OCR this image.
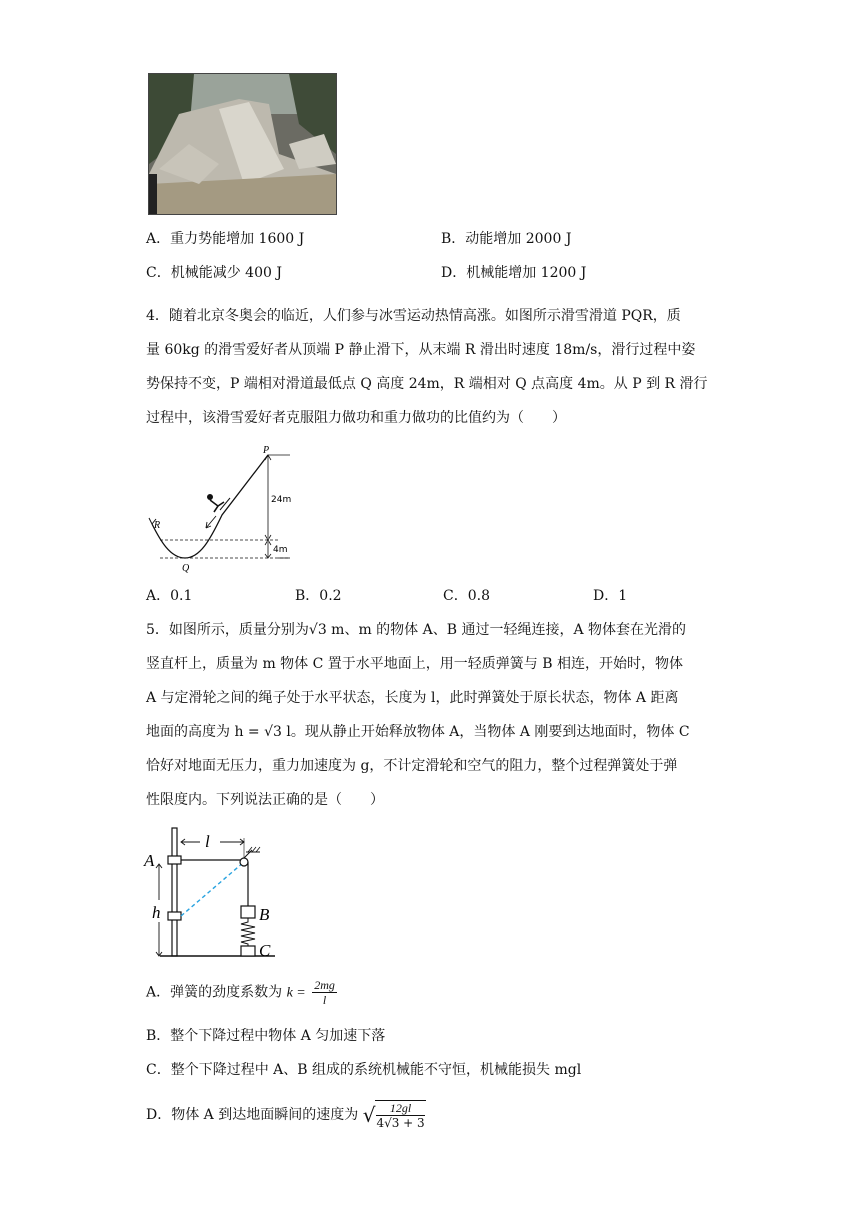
A．重力势能增加 1600 J	B．动能增加 2000 J
C．机械能减少 400 J	D．机械能增加 1200 J
4．随着北京冬奥会的临近，人们参与冰雪运动热情高涨。如图所示滑雪滑道 PQR，质
量 60kg 的滑雪爱好者从顶端 P 静止滑下，从末端 R 滑出时速度 18m/s，滑行过程中姿
势保持不变，P 端相对滑道最低点 Q 高度 24m，R 端相对 Q 点高度 4m。从 P 到 R 滑行
过程中，该滑雪爱好者克服阻力做功和重力做功的比值约为（　　）
P
R
Q
24m
4m
A．0.1	B．0.2	C．0.8	D．1
5．如图所示，质量分别为√3 m、m 的物体 A、B 通过一轻绳连接，A 物体套在光滑的
竖直杆上，质量为 m 物体 C 置于水平地面上，用一轻质弹簧与 B 相连，开始时，物体
A 与定滑轮之间的绳子处于水平状态，长度为 l，此时弹簧处于原长状态，物体 A 距离
地面的高度为 h = √3 l。现从静止开始释放物体 A，当物体 A 刚要到达地面时，物体 C
恰好对地面无压力，重力加速度为 g，不计定滑轮和空气的阻力，整个过程弹簧处于弹
性限度内。下列说法正确的是（　　）
A
h
l
B
C
A．弹簧的劲度系数为 $k = \frac{2mg}{l}$
B．整个下降过程中物体 A 匀加速下落
C．整个下降过程中 A、B 组成的系统机械能不守恒，机械能损失 mgl
D．物体 A 到达地面瞬间的速度为 √ $\frac{12gl}{4√3 + 3}$
